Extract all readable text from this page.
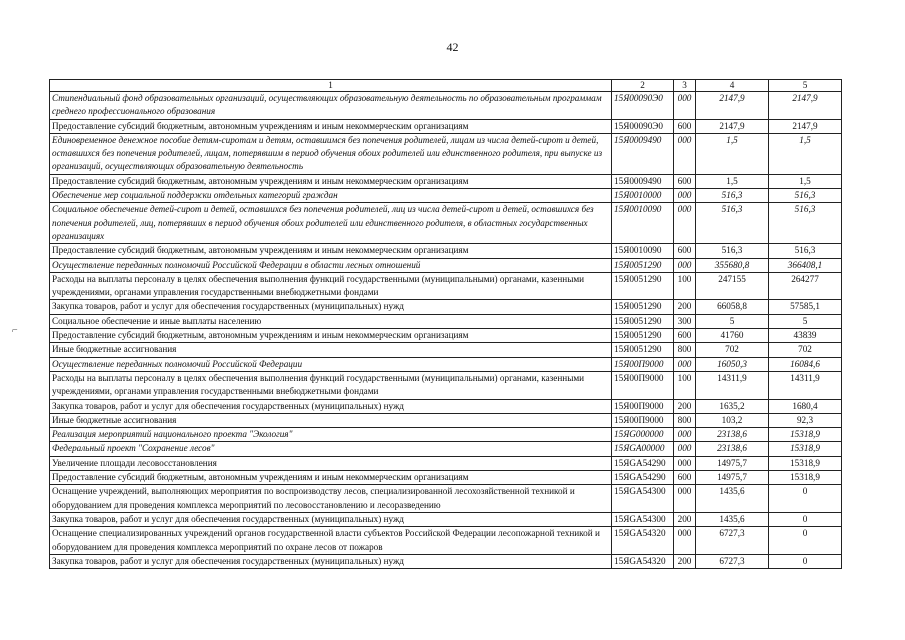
42
⌐
1	2	3	4	5
Стипендиальный фонд образовательных организаций, осуществляющих образовательную деятельность по образовательным программам среднего профессионального образования	15Я00090Э0	000	2147,9	2147,9
Предоставление субсидий бюджетным, автономным учреждениям и иным некоммерческим организациям	15Я00090Э0	600	2147,9	2147,9
Единовременное денежное пособие детям-сиротам и детям, оставшимся без попечения родителей, лицам из числа детей-сирот и детей, оставшихся без попечения родителей, лицам, потерявшим в период обучения обоих родителей или единственного родителя, при выпуске из организаций, осуществляющих образовательную деятельность	15Я0009490	000	1,5	1,5
Предоставление субсидий бюджетным, автономным учреждениям и иным некоммерческим организациям	15Я0009490	600	1,5	1,5
Обеспечение мер социальной поддержки отдельных категорий граждан	15Я0010000	000	516,3	516,3
Социальное обеспечение детей-сирот и детей, оставшихся без попечения родителей, лиц из числа детей-сирот и детей, оставшихся без попечения родителей, лиц, потерявших в период обучения обоих родителей или единственного родителя, в областных государственных организациях	15Я0010090	000	516,3	516,3
Предоставление субсидий бюджетным, автономным учреждениям и иным некоммерческим организациям	15Я0010090	600	516,3	516,3
Осуществление переданных полномочий Российской Федерации в области лесных отношений	15Я0051290	000	355680,8	366408,1
Расходы на выплаты персоналу в целях обеспечения выполнения функций государственными (муниципальными) органами, казенными учреждениями, органами управления государственными внебюджетными фондами	15Я0051290	100	247155	264277
Закупка товаров, работ и услуг для обеспечения государственных (муниципальных) нужд	15Я0051290	200	66058,8	57585,1
Социальное обеспечение и иные выплаты населению	15Я0051290	300	5	5
Предоставление субсидий бюджетным, автономным учреждениям и иным некоммерческим организациям	15Я0051290	600	41760	43839
Иные бюджетные ассигнования	15Я0051290	800	702	702
Осуществление переданных полномочий Российской Федерации	15Я00П9000	000	16050,3	16084,6
Расходы на выплаты персоналу в целях обеспечения выполнения функций государственными (муниципальными) органами, казенными учреждениями, органами управления государственными внебюджетными фондами	15Я00П9000	100	14311,9	14311,9
Закупка товаров, работ и услуг для обеспечения государственных (муниципальных) нужд	15Я00П9000	200	1635,2	1680,4
Иные бюджетные ассигнования	15Я00П9000	800	103,2	92,3
Реализация мероприятий национального проекта "Экология"	15ЯG000000	000	23138,6	15318,9
Федеральный проект "Сохранение лесов"	15ЯGA00000	000	23138,6	15318,9
Увеличение площади лесовосстановления	15ЯGA54290	000	14975,7	15318,9
Предоставление субсидий бюджетным, автономным учреждениям и иным некоммерческим организациям	15ЯGA54290	600	14975,7	15318,9
Оснащение учреждений, выполняющих мероприятия по воспроизводству лесов, специализированной лесохозяйственной техникой и оборудованием для проведения комплекса мероприятий по лесовосстановлению и лесоразведению	15ЯGA54300	000	1435,6	0
Закупка товаров, работ и услуг для обеспечения государственных (муниципальных) нужд	15ЯGA54300	200	1435,6	0
Оснащение специализированных учреждений органов государственной власти субъектов Российской Федерации лесопожарной техникой и оборудованием для проведения комплекса мероприятий по охране лесов от пожаров	15ЯGA54320	000	6727,3	0
Закупка товаров, работ и услуг для обеспечения государственных (муниципальных) нужд	15ЯGA54320	200	6727,3	0
